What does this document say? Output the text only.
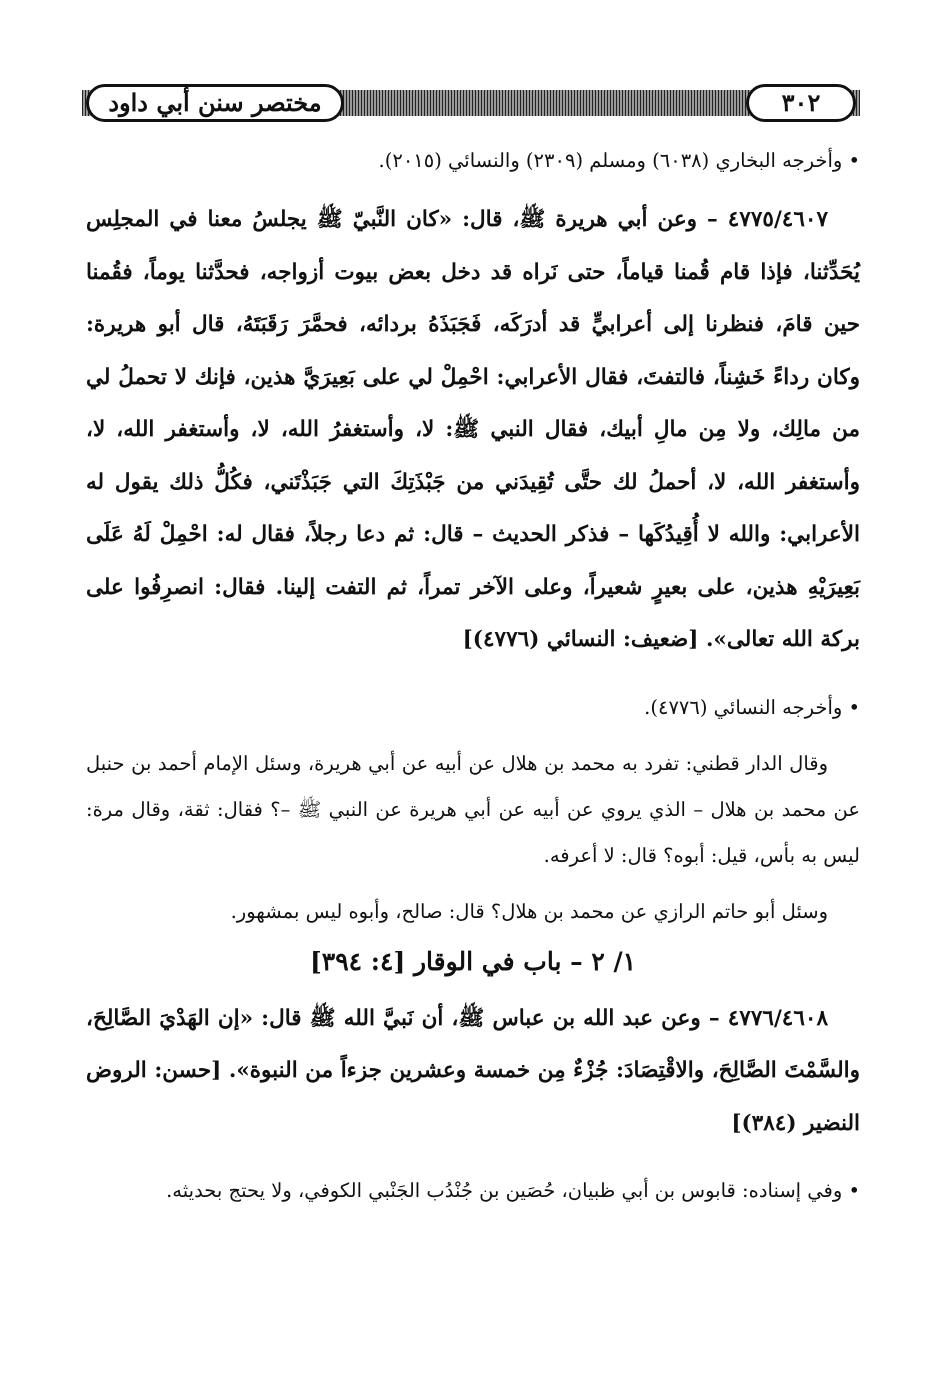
مختصر سنن أبي داود	٣٠٢

• وأخرجه البخاري (٦٠٣٨) ومسلم (٢٣٠٩) والنسائي (٢٠١٥).

٤٧٧٥/٤٦٠٧ – وعن أبي هريرة ﷺ، قال: «كان النَّبيّ ﷺ يجلسُ معنا في المجلِس يُحَدِّثنا، فإذا قام قُمنا قياماً، حتى نَراه قد دخل بعض بيوت أزواجه، فحدَّثنا يوماً، فقُمنا حين قامَ، فنظرنا إلى أعرابيٍّ قد أدرَكَه، فَجَبَذَهُ بردائه، فحمَّرَ رَقَبَتَهُ، قال أبو هريرة: وكان رداءً خَشِناً، فالتفتَ، فقال الأعرابي: احْمِلْ لي على بَعِيرَيَّ هذين، فإنك لا تحملُ لي من مالِك، ولا مِن مالِ أبيك، فقال النبي ﷺ: لا، وأستغفرُ الله، لا، وأستغفر الله، لا، وأستغفر الله، لا، أحملُ لك حتَّى تُقِيدَني من جَبْذَتِكَ التي جَبَذْتَني، فكُلُّ ذلك يقول له الأعرابي: والله لا أُقِيدُكَها – فذكر الحديث – قال: ثم دعا رجلاً، فقال له: احْمِلْ لَهُ عَلَى بَعِيرَيْهِ هذين، على بعيرٍ شعيراً، وعلى الآخر تمراً، ثم التفت إلينا. فقال: انصرِفُوا على بركة الله تعالى». [ضعيف: النسائي (٤٧٧٦)]

• وأخرجه النسائي (٤٧٧٦).

وقال الدار قطني: تفرد به محمد بن هلال عن أبيه عن أبي هريرة، وسئل الإمام أحمد بن حنبل عن محمد بن هلال – الذي يروي عن أبيه عن أبي هريرة عن النبي ﷺ –؟ فقال: ثقة، وقال مرة: ليس به بأس، قيل: أبوه؟ قال: لا أعرفه.

وسئل أبو حاتم الرازي عن محمد بن هلال؟ قال: صالح، وأبوه ليس بمشهور.

١/ ٢ – باب في الوقار [٤: ٣٩٤]

٤٧٧٦/٤٦٠٨ – وعن عبد الله بن عباس ﷺ، أن نَبيَّ الله ﷺ قال: «إن الهَدْيَ الصَّالِحَ، والسَّمْتَ الصَّالِحَ، والاقْتِصَادَ: جُزْءٌ مِن خمسة وعشرين جزءاً من النبوة». [حسن: الروض النضير (٣٨٤)]

• وفي إسناده: قابوس بن أبي ظبيان، حُصَين بن جُنْدُب الجَنْبي الكوفي، ولا يحتج بحديثه.
